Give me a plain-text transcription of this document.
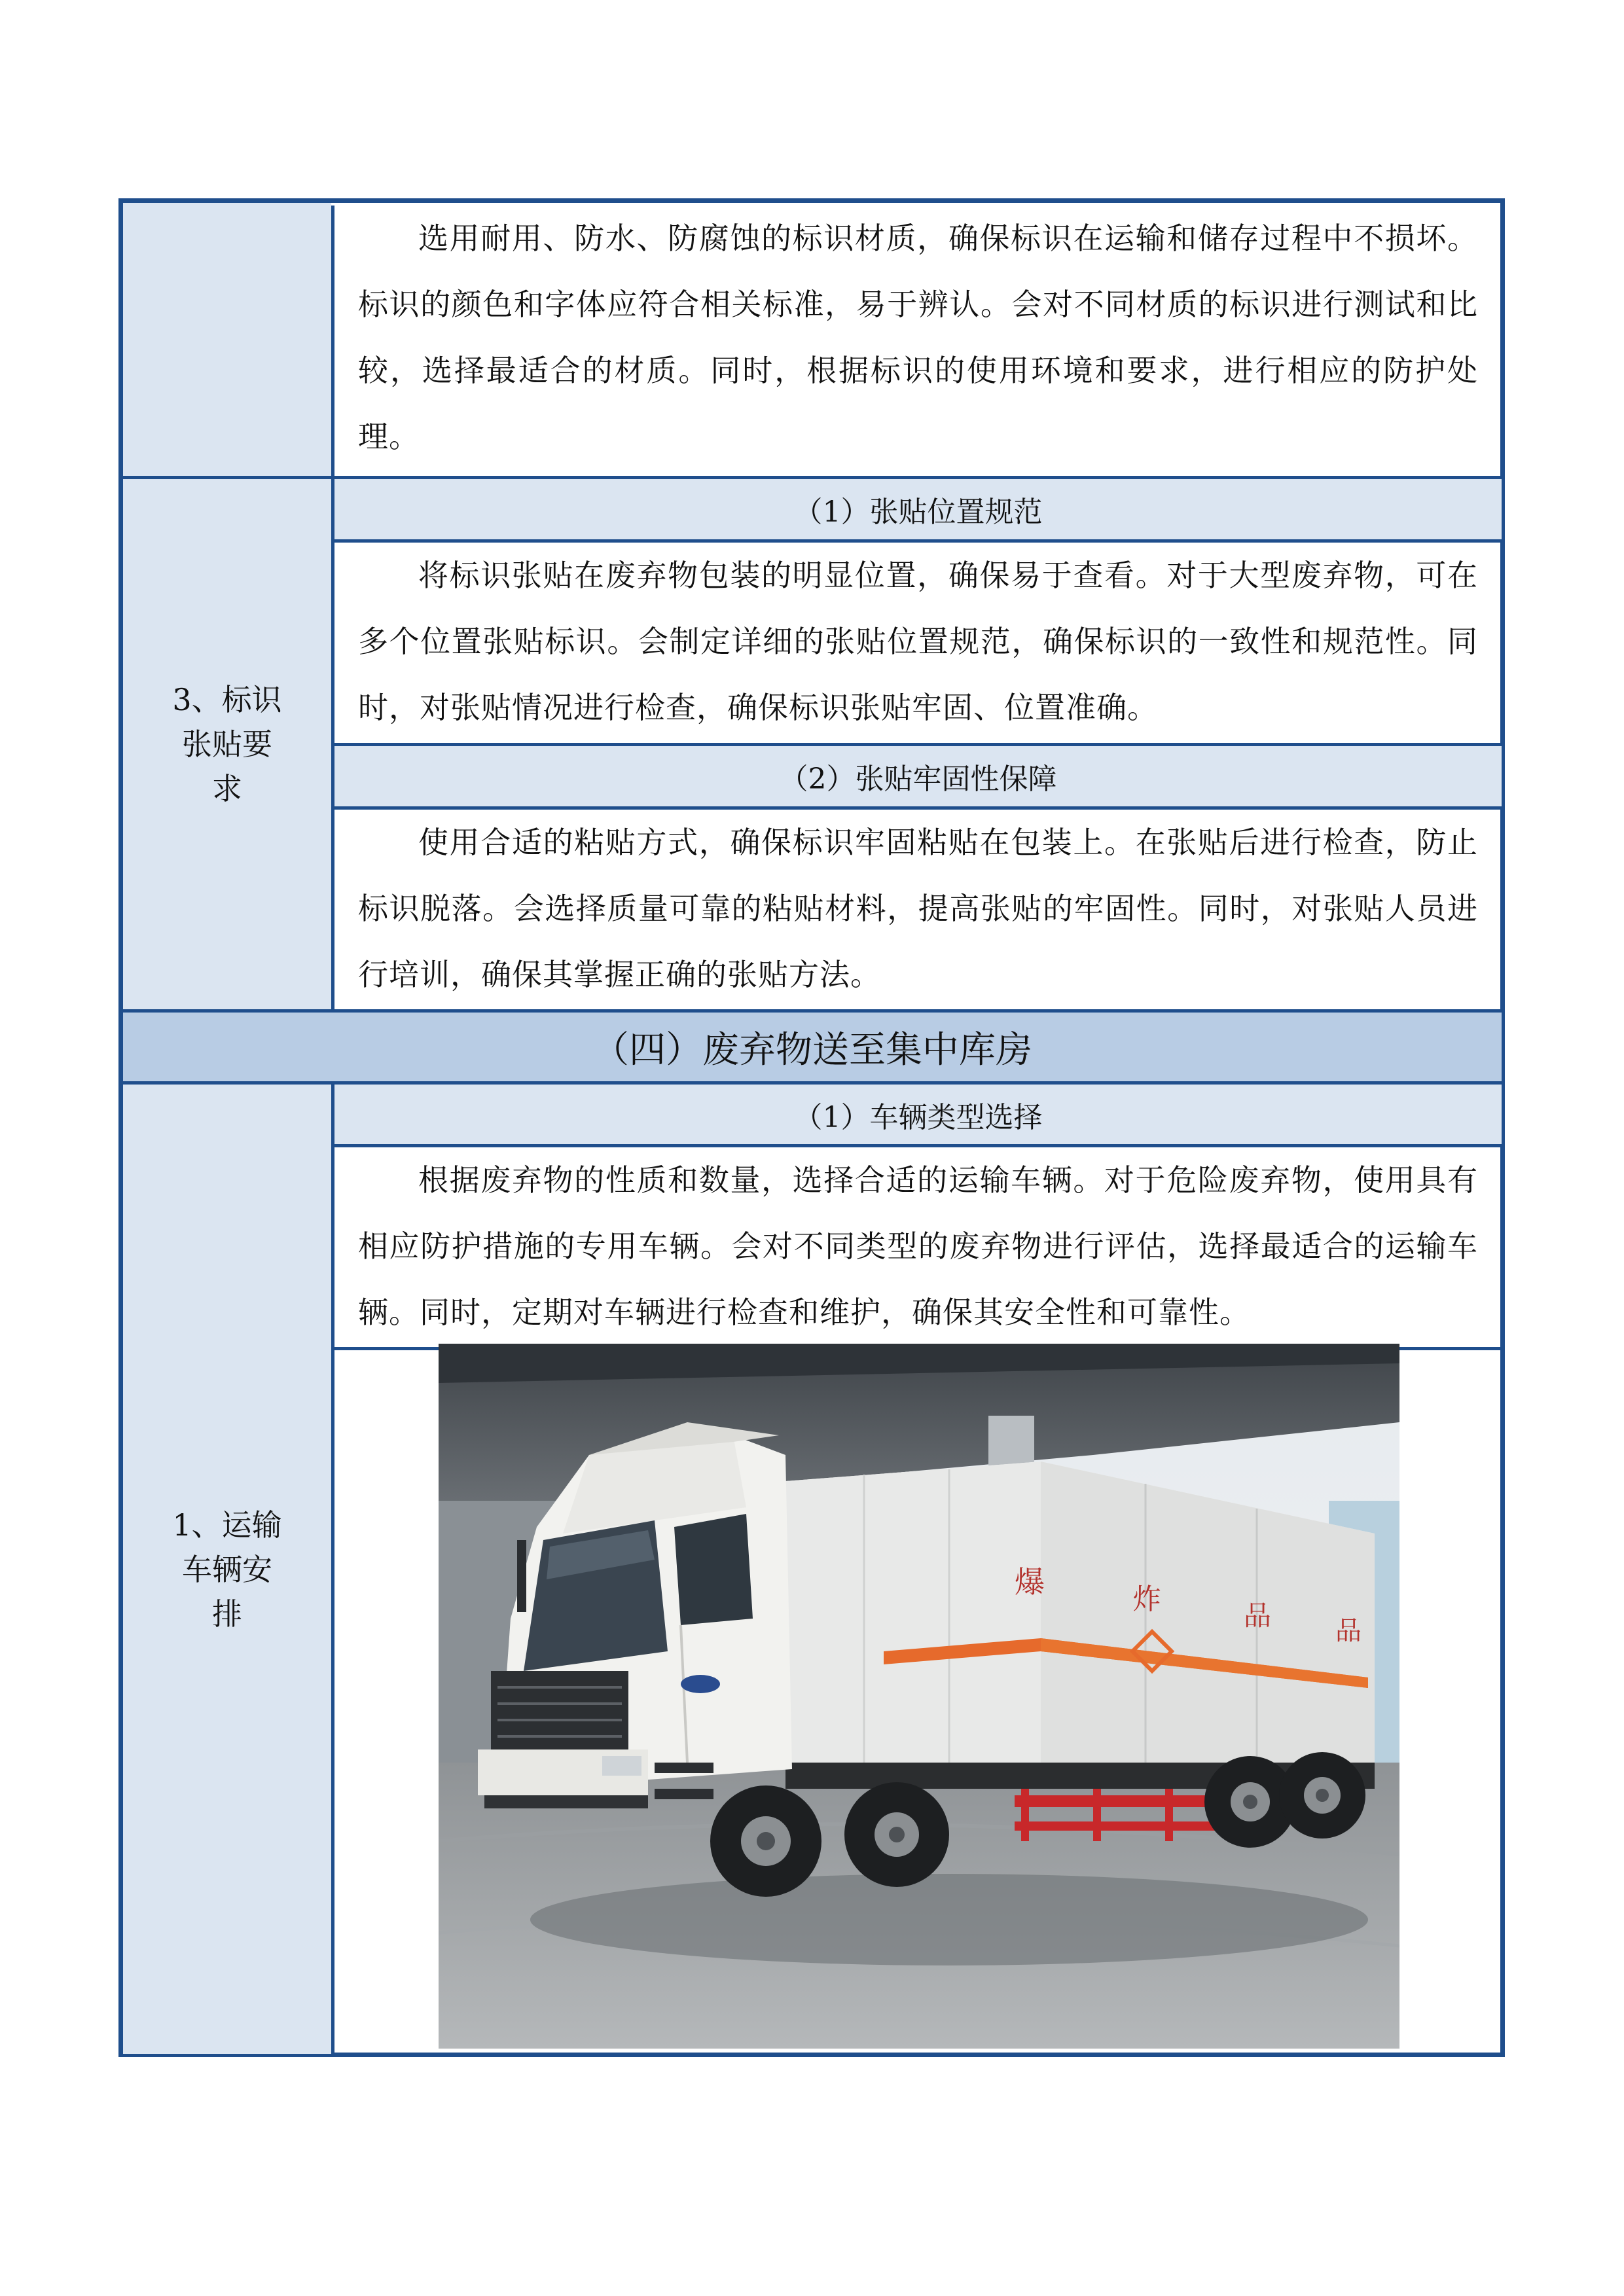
选用耐用、防水、防腐蚀的标识材质，确保标识在运输和储存过程中不损坏。标识的颜色和字体应符合相关标准，易于辨认。会对不同材质的标识进行测试和比较，选择最适合的材质。同时，根据标识的使用环境和要求，进行相应的防护处理。
3、标识张贴要求
（1）张贴位置规范
将标识张贴在废弃物包装的明显位置，确保易于查看。对于大型废弃物，可在多个位置张贴标识。会制定详细的张贴位置规范，确保标识的一致性和规范性。同时，对张贴情况进行检查，确保标识张贴牢固、位置准确。
（2）张贴牢固性保障
使用合适的粘贴方式，确保标识牢固粘贴在包装上。在张贴后进行检查，防止标识脱落。会选择质量可靠的粘贴材料，提高张贴的牢固性。同时，对张贴人员进行培训，确保其掌握正确的张贴方法。
（四）废弃物送至集中库房
1、运输车辆安排
（1）车辆类型选择
根据废弃物的性质和数量，选择合适的运输车辆。对于危险废弃物，使用具有相应防护措施的专用车辆。会对不同类型的废弃物进行评估，选择最适合的运输车辆。同时，定期对车辆进行检查和维护，确保其安全性和可靠性。
爆	炸	品 品
